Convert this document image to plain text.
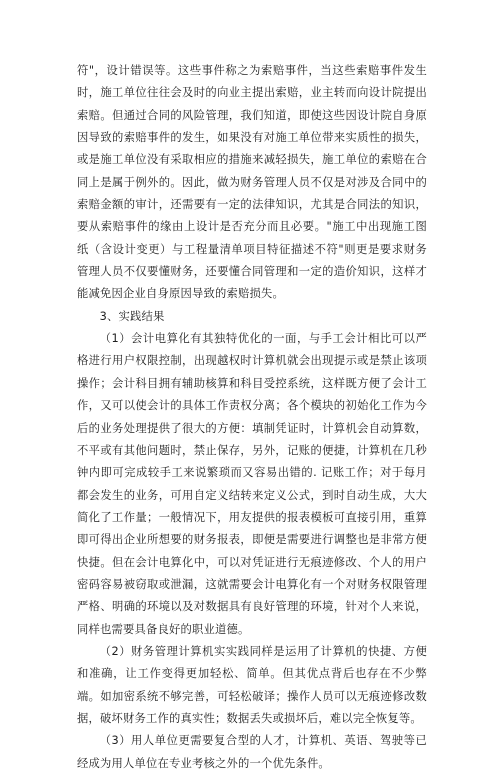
符"，设计错误等。这些事件称之为索赔事件，当这些索赔事件发生时，施工单位往往会及时的向业主提出索赔，业主转而向设计院提出索赔。但通过合同的风险管理，我们知道，即使这些因设计院自身原因导致的索赔事件的发生，如果没有对施工单位带来实质性的损失，或是施工单位没有采取相应的措施来减轻损失，施工单位的索赔在合同上是属于例外的。因此，做为财务管理人员不仅是对涉及合同中的索赔金额的审计，还需要有一定的法律知识，尤其是合同法的知识，要从索赔事件的缘由上设计是否充分而且必要。"施工中出现施工图纸（含设计变更）与工程量清单项目特征描述不符"则更是要求财务管理人员不仅要懂财务，还要懂合同管理和一定的造价知识，这样才能减免因企业自身原因导致的索赔损失。

3、实践结果

（1）会计电算化有其独特优化的一面，与手工会计相比可以严格进行用户权限控制，出现越权时计算机就会出现提示或是禁止该项操作；会计科目拥有辅助核算和科目受控系统，这样既方便了会计工作，又可以使会计的具体工作责权分离；各个模块的初始化工作为今后的业务处理提供了很大的方便：填制凭证时，计算机会自动算数，不平或有其他问题时，禁止保存，另外，记账的便捷，计算机在几秒钟内即可完成较手工来说繁琐而又容易出错的. 记账工作；对于每月都会发生的业务，可用自定义结转来定义公式，到时自动生成，大大简化了工作量；一般情况下，用友提供的报表模板可直接引用，重算即可得出企业所想要的财务报表，即便是需要进行调整也是非常方便快捷。但在会计电算化中，可以对凭证进行无痕迹修改、个人的用户密码容易被窃取或泄漏，这就需要会计电算化有一个对财务权限管理严格、明确的环境以及对数据具有良好管理的环境，针对个人来说，同样也需要具备良好的职业道德。

（2）财务管理计算机实实践同样是运用了计算机的快捷、方便和准确，让工作变得更加轻松、简单。但其优点背后也存在不少弊端。如加密系统不够完善，可轻松破译；操作人员可以无痕迹修改数据，破坏财务工作的真实性；数据丢失或损坏后，难以完全恢复等。

（3）用人单位更需要复合型的人才，计算机、英语、驾驶等已经成为用人单位在专业考核之外的一个优先条件。
